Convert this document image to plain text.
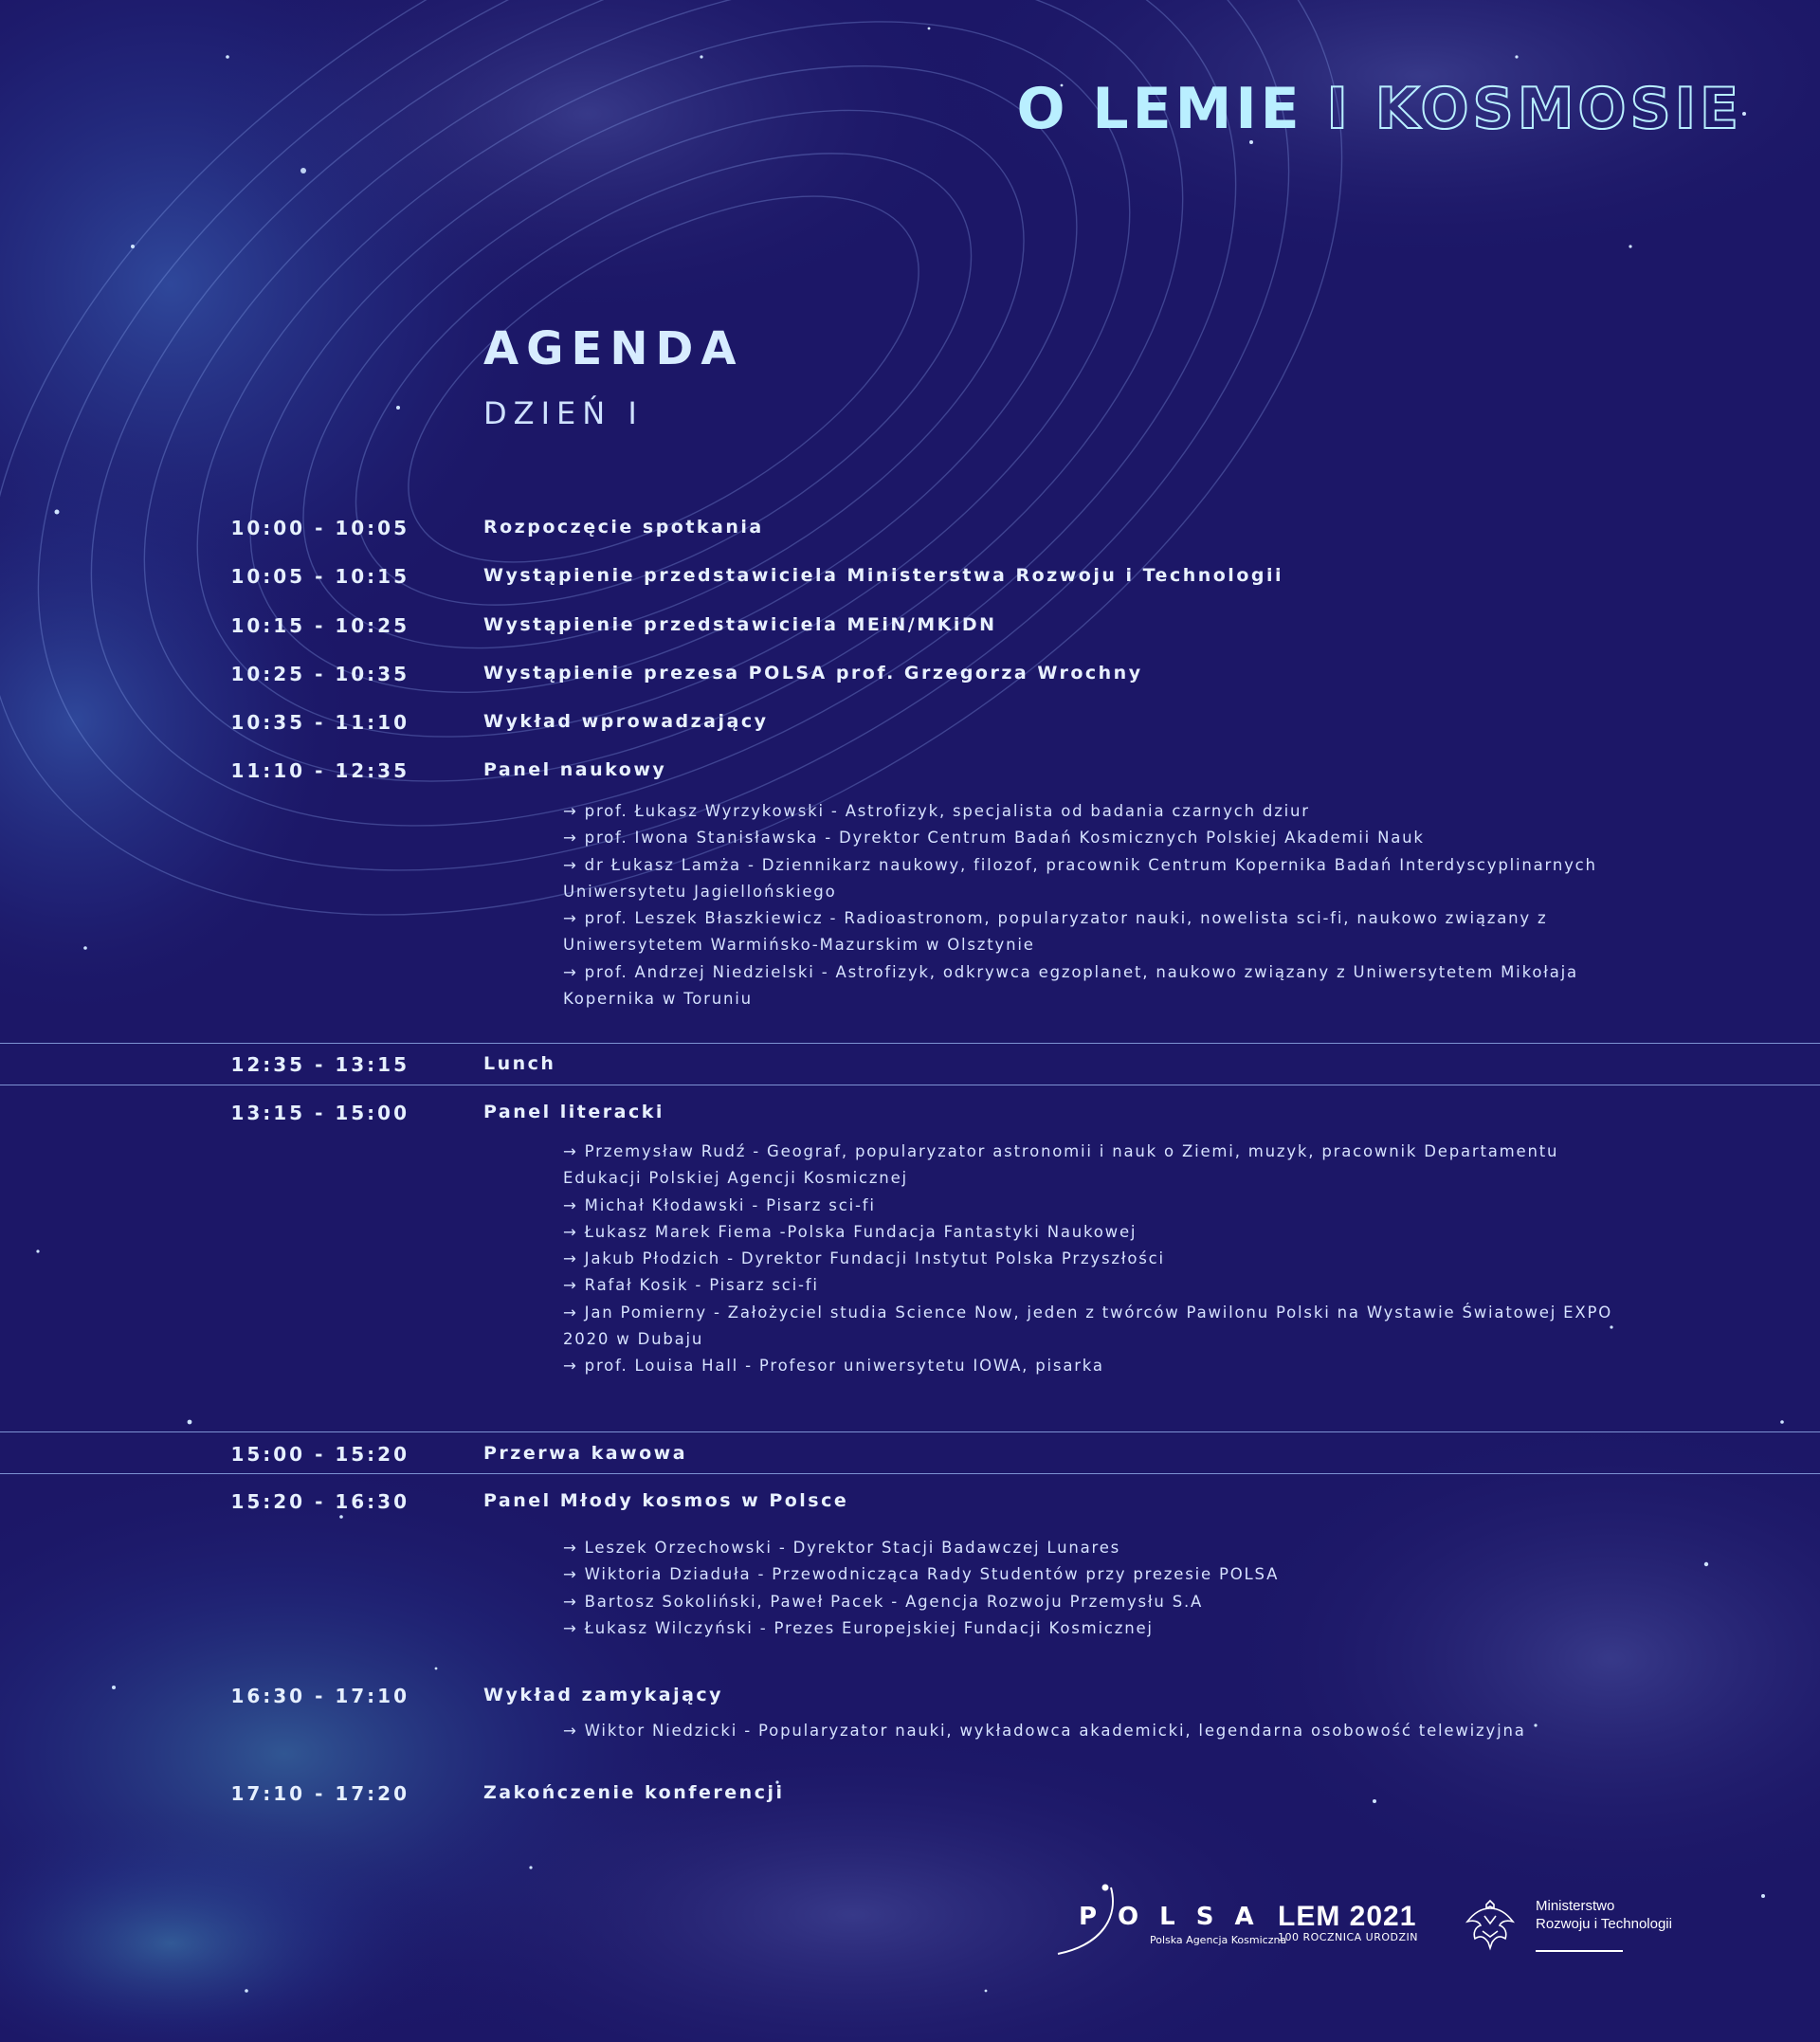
O LEMIE I KOSMOSIE
AGENDA
DZIEŃ I
10:00 - 10:05	Rozpoczęcie spotkania
10:05 - 10:15	Wystąpienie przedstawiciela Ministerstwa Rozwoju i Technologii
10:15 - 10:25	Wystąpienie przedstawiciela MEiN/MKiDN
10:25 - 10:35	Wystąpienie prezesa POLSA prof. Grzegorza Wrochny
10:35 - 11:10	Wykład wprowadzający
11:10 - 12:35	Panel naukowy
→ prof. Łukasz Wyrzykowski - Astrofizyk, specjalista od badania czarnych dziur
→ prof. Iwona Stanisławska - Dyrektor Centrum Badań Kosmicznych Polskiej Akademii Nauk
→ dr Łukasz Lamża - Dziennikarz naukowy, filozof, pracownik Centrum Kopernika Badań Interdyscyplinarnych Uniwersytetu Jagiellońskiego
→ prof. Leszek Błaszkiewicz - Radioastronom, popularyzator nauki, nowelista sci-fi, naukowo związany z Uniwersytetem Warmińsko-Mazurskim w Olsztynie
→ prof. Andrzej Niedzielski - Astrofizyk, odkrywca egzoplanet, naukowo związany z Uniwersytetem Mikołaja Kopernika w Toruniu
12:35 - 13:15	Lunch
13:15 - 15:00	Panel literacki
→ Przemysław Rudź - Geograf, popularyzator astronomii i nauk o Ziemi, muzyk, pracownik Departamentu Edukacji Polskiej Agencji Kosmicznej
→ Michał Kłodawski - Pisarz sci-fi
→ Łukasz Marek Fiema -Polska Fundacja Fantastyki Naukowej
→ Jakub Płodzich - Dyrektor Fundacji Instytut Polska Przyszłości
→ Rafał Kosik - Pisarz sci-fi
→ Jan Pomierny - Założyciel studia Science Now, jeden z twórców Pawilonu Polski na Wystawie Światowej EXPO 2020 w Dubaju
→ prof. Louisa Hall - Profesor uniwersytetu IOWA, pisarka
15:00 - 15:20	Przerwa kawowa
15:20 - 16:30	Panel Młody kosmos w Polsce
→ Leszek Orzechowski - Dyrektor Stacji Badawczej Lunares
→ Wiktoria Dziaduła - Przewodnicząca Rady Studentów przy prezesie POLSA
→ Bartosz Sokoliński, Paweł Pacek - Agencja Rozwoju Przemysłu S.A
→ Łukasz Wilczyński - Prezes Europejskiej Fundacji Kosmicznej
16:30 - 17:10	Wykład zamykający
→ Wiktor Niedzicki - Popularyzator nauki, wykładowca akademicki, legendarna osobowość telewizyjna
17:10 - 17:20	Zakończenie konferencji
POLSA
Polska Agencja Kosmiczna
LEM 2021
100 ROCZNICA URODZIN
Ministerstwo
Rozwoju i Technologii
